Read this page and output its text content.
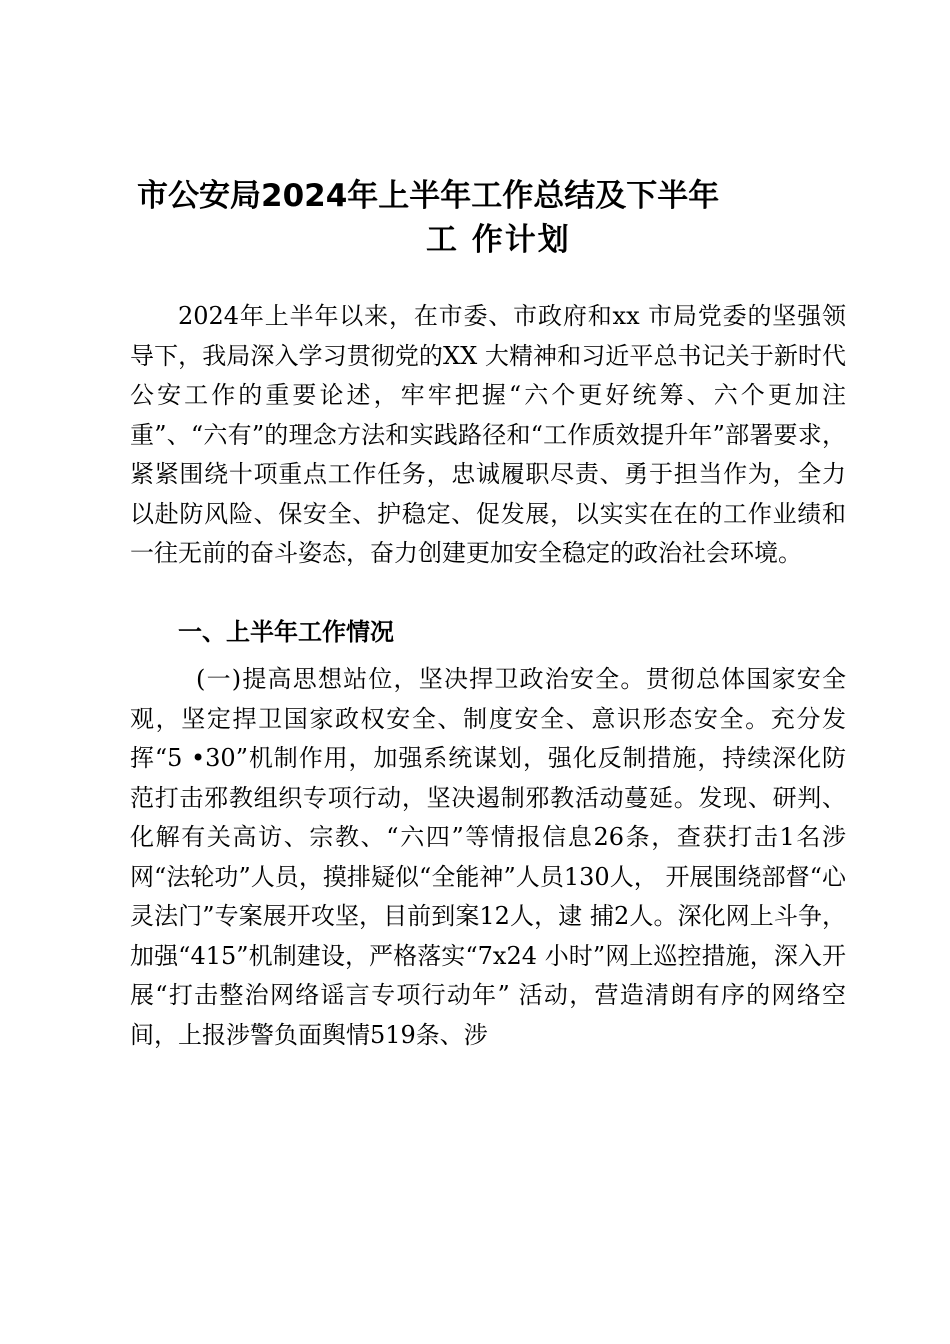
市公安局2024年上半年工作总结及下半年
工 作计划

2024年上半年以来，在市委、市政府和xx 市局党委的坚强领导下，我局深入学习贯彻党的XX 大精神和习近平总书记关于新时代公安工作的重要论述，牢牢把握“六个更好统筹、六个更加注重”、“六有”的理念方法和实践路径和“工作质效提升年”部署要求，紧紧围绕十项重点工作任务，忠诚履职尽责、勇于担当作为，全力以赴防风险、保安全、护稳定、促发展，以实实在在的工作业绩和一往无前的奋斗姿态，奋力创建更加安全稳定的政治社会环境。

一、上半年工作情况

(一)提高思想站位，坚决捍卫政治安全。贯彻总体国家安全观，坚定捍卫国家政权安全、制度安全、意识形态安全。充分发挥“5 •30”机制作用，加强系统谋划，强化反制措施，持续深化防范打击邪教组织专项行动，坚决遏制邪教活动蔓延。发现、研判、化解有关高访、宗教、“六四”等情报信息26条，查获打击1名涉网“法轮功”人员，摸排疑似“全能神”人员130人， 开展围绕部督“心灵法门”专案展开攻坚，目前到案12人，逮 捕2人。深化网上斗争，加强“415”机制建设，严格落实“7x24 小时”网上巡控措施，深入开展“打击整治网络谣言专项行动年” 活动，营造清朗有序的网络空间，上报涉警负面舆情519条、涉
